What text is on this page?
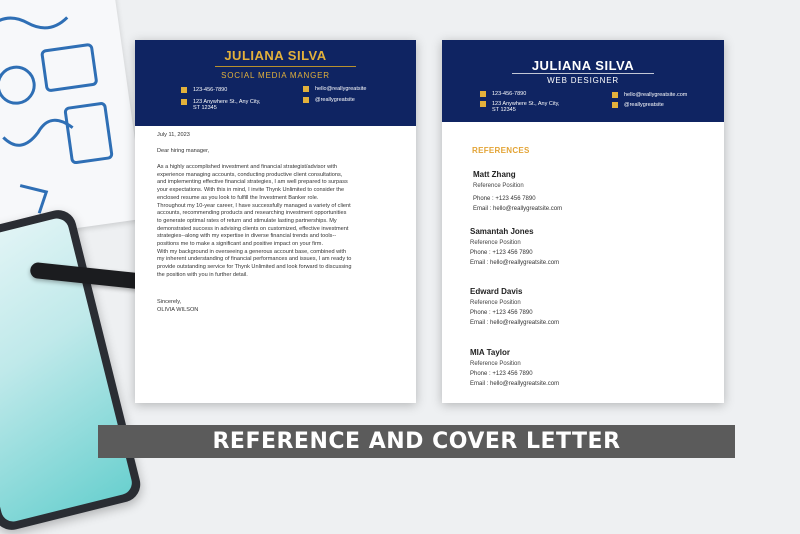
JULIANA SILVA
SOCIAL MEDIA MANGER
123-456-7890
123 Anywhere St., Any City,
ST 12345
hello@reallygreatsite
@reallygreatsite
July 11, 2023
Dear hiring manager,
As a highly accomplished investment and financial strategist/advisor with
experience managing accounts, conducting productive client consultations,
and implementing effective financial strategies, I am well prepared to surpass
your expectations. With this in mind, I invite Thynk Unlimited to consider the
enclosed resume as you look to fulfill the Investment Banker role.
Throughout my 10-year career, I have successfully managed a variety of client
accounts, recommending products and researching investment opportunities
to generate optimal rates of return and stimulate lasting partnerships. My
demonstrated success in advising clients on customized, effective investment
strategies--along with my expertise in diverse financial trends and tools--
positions me to make a significant and positive impact on your firm.
With my background in overseeing a generous account base, combined with
my inherent understanding of financial performances and issues, I am ready to
provide outstanding service for Thynk Unlimited and look forward to discussing
the position with you in further detail.
Sincerely,
OLIVIA WILSON
JULIANA SILVA
WEB DESIGNER
123-456-7890
123 Anywhere St., Any City,
ST 12345
hello@reallygreatsite.com
@reallygreatsite
REFERENCES
Matt Zhang
Reference Position
Phone : +123 456 7890
Email : hello@reallygreatsite.com
Samantah Jones
Reference Position
Phone : +123 456 7890
Email : hello@reallygreatsite.com
Edward Davis
Reference Position
Phone : +123 456 7890
Email : hello@reallygreatsite.com
MIA Taylor
Reference Position
Phone : +123 456 7890
Email : hello@reallygreatsite.com
REFERENCE AND COVER LETTER
